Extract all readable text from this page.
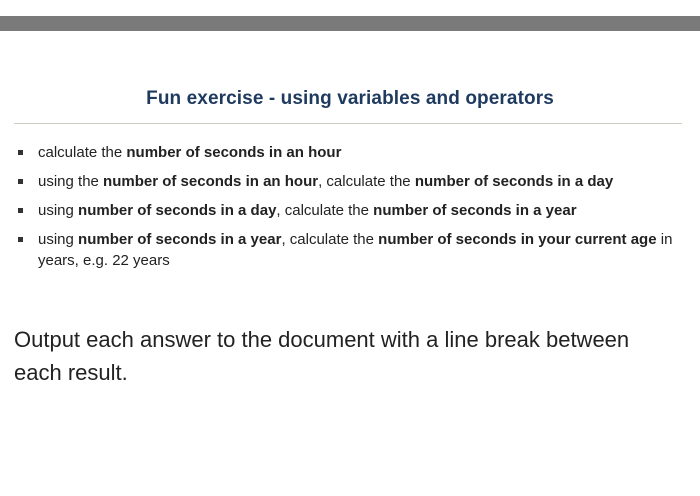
Fun exercise - using variables and operators
calculate the number of seconds in an hour
using the number of seconds in an hour, calculate the number of seconds in a day
using number of seconds in a day, calculate the number of seconds in a year
using number of seconds in a year, calculate the number of seconds in your current age in years, e.g. 22 years
Output each answer to the document with a line break between each result.
